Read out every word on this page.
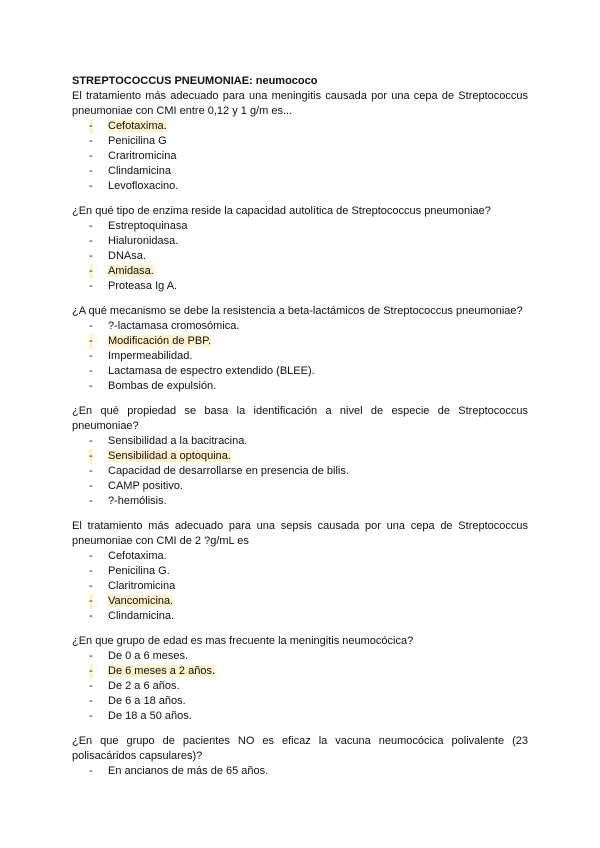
STREPTOCOCCUS PNEUMONIAE: neumococo

El tratamiento más adecuado para una meningitis causada por una cepa de Streptococcus pneumoniae con CMI entre 0,12 y 1 g/m es...

- Cefotaxima.
- Penicilina G
- Craritromicina
- Clindamicina
- Levofloxacino.

¿En qué tipo de enzima reside la capacidad autolítica de Streptococcus pneumoniae?

- Estreptoquinasa
- Hialuronidasa.
- DNAsa.
- Amidasa.
- Proteasa Ig A.

¿A qué mecanismo se debe la resistencia a beta-lactámicos de Streptococcus pneumoniae?

- ?-lactamasa cromosómica.
- Modificación de PBP.
- Impermeabilidad.
- Lactamasa de espectro extendido (BLEE).
- Bombas de expulsión.

¿En qué propiedad se basa la identificación a nivel de especie de Streptococcus pneumoniae?

- Sensibilidad a la bacitracina.
- Sensibilidad a optoquina.
- Capacidad de desarrollarse en presencia de bilis.
- CAMP positivo.
- ?-hemólisis.

El tratamiento más adecuado para una sepsis causada por una cepa de Streptococcus pneumoniae con CMI de 2 ?g/mL es

- Cefotaxima.
- Penicilina G.
- Claritromicina
- Vancomicina.
- Clindamicina.

¿En que grupo de edad es mas frecuente la meningitis neumocócica?

- De 0 a 6 meses.
- De 6 meses a 2 años.
- De 2 a 6 años.
- De 6 a 18 años.
- De 18 a 50 años.

¿En que grupo de pacientes NO es eficaz la vacuna neumocócica polivalente (23 polisacáridos capsulares)?

- En ancianos de más de 65 años.
